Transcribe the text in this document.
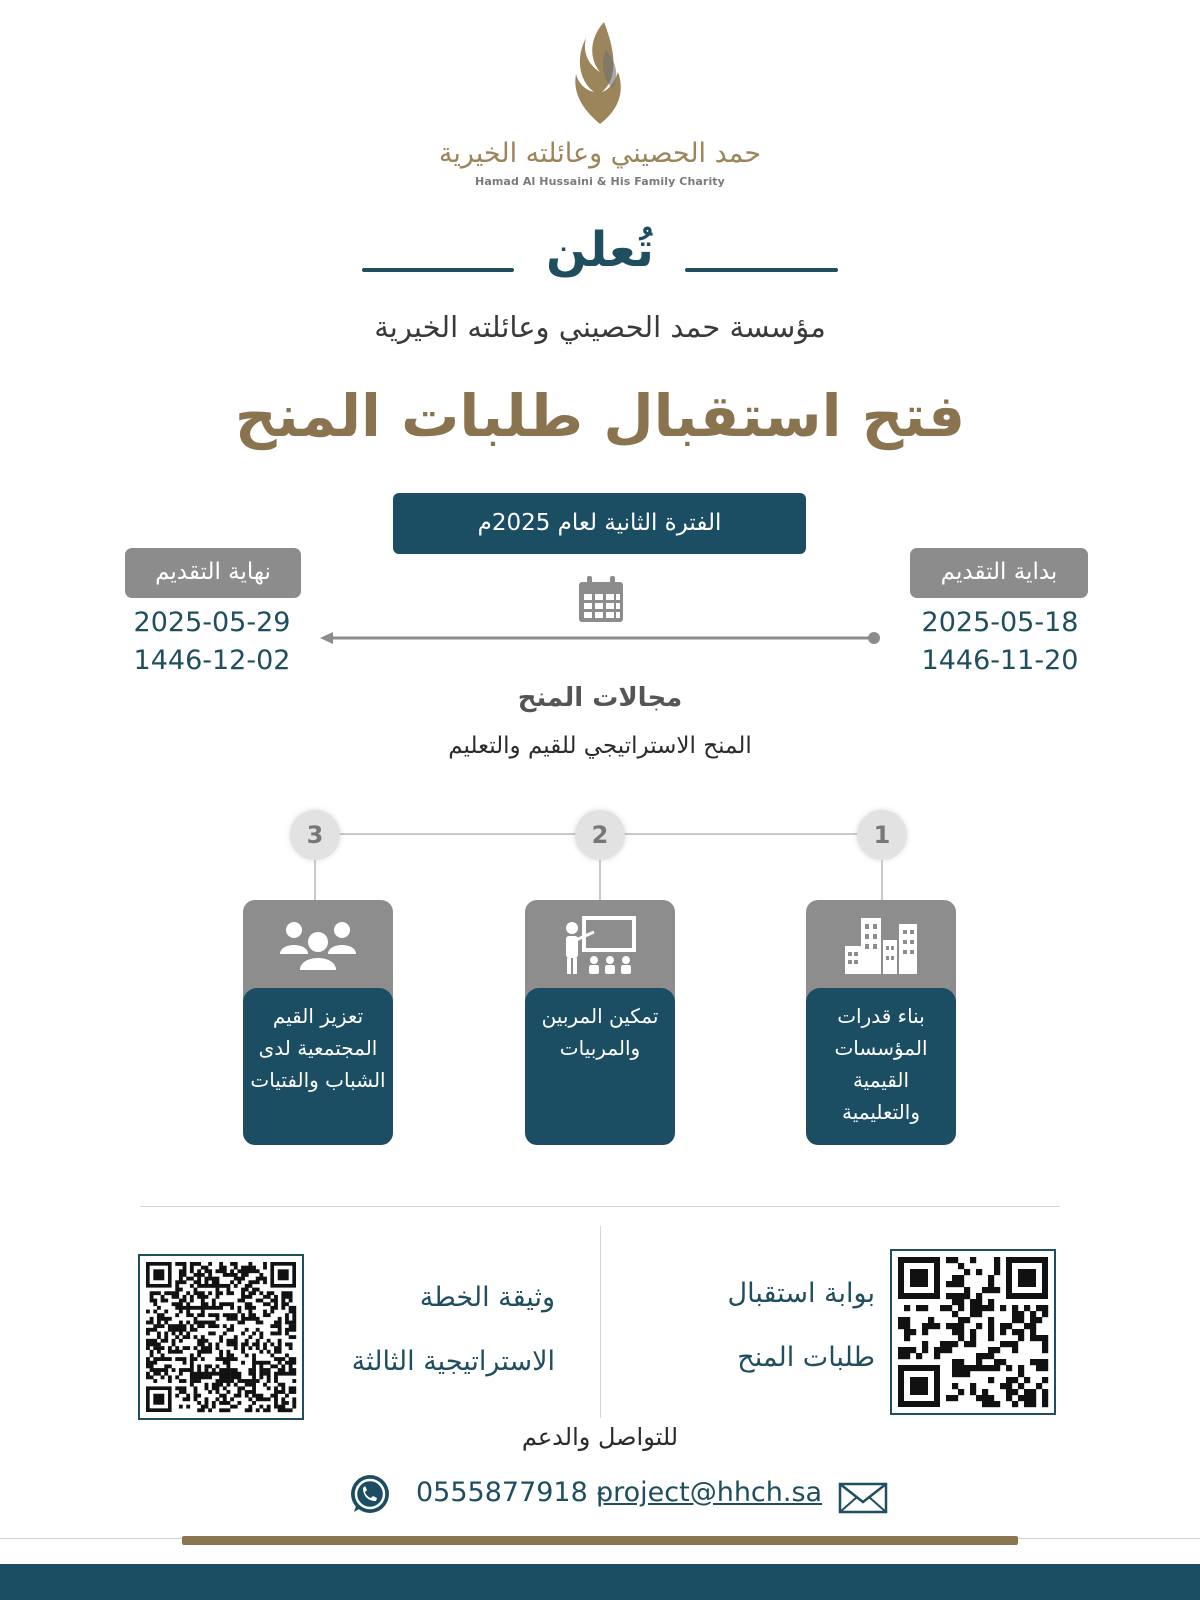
حمد الحصيني وعائلته الخيرية
Hamad Al Hussaini & His Family Charity
تُعلن
مؤسسة حمد الحصيني وعائلته الخيرية
فتح استقبال طلبات المنح
الفترة الثانية لعام 2025م
بداية التقديم
نهاية التقديم
2025-05-18
1446-11-20
2025-05-29
1446-12-02
مجالات المنح
المنح الاستراتيجي للقيم والتعليم
1
2
3
بناء قدرات المؤسسات القيمية والتعليمية
تمكين المربين والمربيات
تعزيز القيم المجتمعية لدى الشباب والفتيات
بوابة استقبال
طلبات المنح
وثيقة الخطة
الاستراتيجية الثالثة
للتواصل والدعم
0555877918 -
project@hhch.sa
